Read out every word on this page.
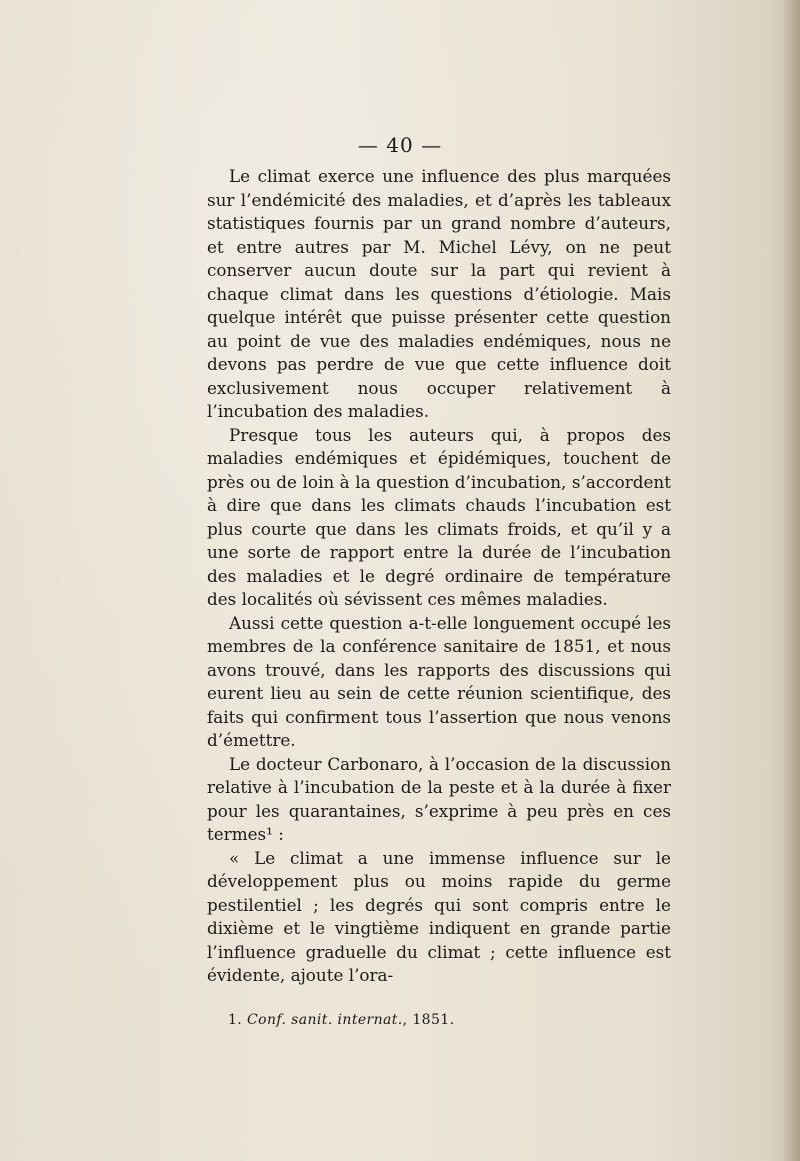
— 40 —

Le climat exerce une influence des plus marquées sur l’endémicité des maladies, et d’après les tableaux statistiques fournis par un grand nombre d’auteurs, et entre autres par M. Michel Lévy, on ne peut conserver aucun doute sur la part qui revient à chaque climat dans les questions d’étiologie. Mais quelque intérêt que puisse présenter cette question au point de vue des maladies endémiques, nous ne devons pas perdre de vue que cette influence doit exclusivement nous occuper relativement à l’incubation des maladies.

Presque tous les auteurs qui, à propos des maladies endémiques et épidémiques, touchent de près ou de loin à la question d’incubation, s’accordent à dire que dans les climats chauds l’incubation est plus courte que dans les climats froids, et qu’il y a une sorte de rapport entre la durée de l’incubation des maladies et le degré ordinaire de température des localités où sévissent ces mêmes maladies.

Aussi cette question a-t-elle longuement occupé les membres de la conférence sanitaire de 1851, et nous avons trouvé, dans les rapports des discussions qui eurent lieu au sein de cette réunion scientifique, des faits qui confirment tous l’assertion que nous venons d’émettre.

Le docteur Carbonaro, à l’occasion de la discussion relative à l’incubation de la peste et à la durée à fixer pour les quarantaines, s’exprime à peu près en ces termes¹ :

« Le climat a une immense influence sur le développement plus ou moins rapide du germe pestilentiel ; les degrés qui sont compris entre le dixième et le vingtième indiquent en grande partie l’influence graduelle du climat ; cette influence est évidente, ajoute l’ora-

1. Conf. sanit. internat., 1851.
